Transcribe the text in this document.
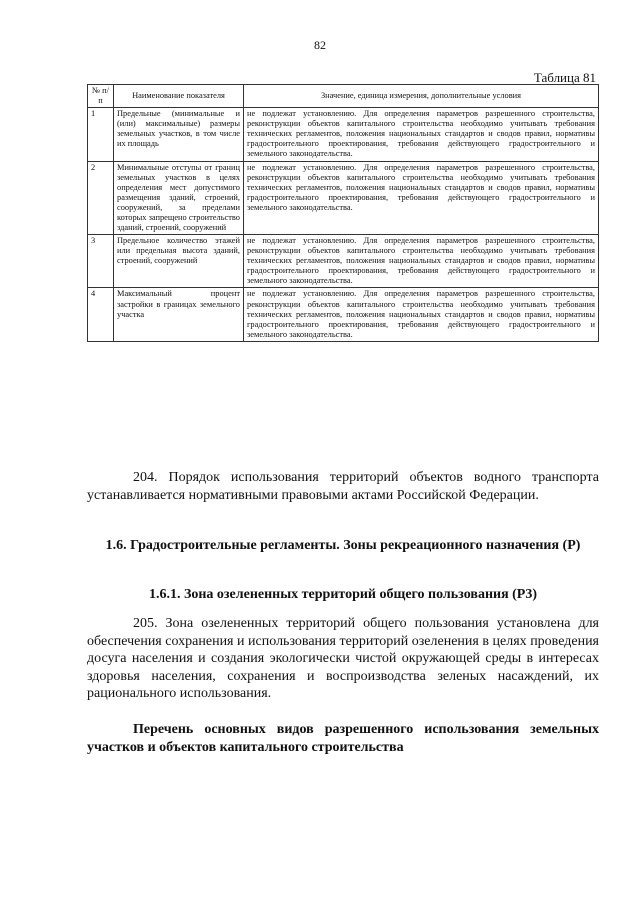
82
Таблица 81
№ п/п	Наименование показателя	Значение, единица измерения, дополнительные условия
1	Предельные (минимальные и (или) максимальные) размеры земельных участков, в том числе их площадь	не подлежат установлению. Для определения параметров разрешенного строительства, реконструкции объектов капитального строительства необходимо учитывать требования технических регламентов, положения национальных стандартов и сводов правил, нормативы градостроительного проектирования, требования действующего градостроительного и земельного законодательства.
2	Минимальные отступы от границ земельных участков в целях определения мест допустимого размещения зданий, строений, сооружений, за пределами которых запрещено строительство зданий, строений, сооружений	не подлежат установлению. Для определения параметров разрешенного строительства, реконструкции объектов капитального строительства необходимо учитывать требования технических регламентов, положения национальных стандартов и сводов правил, нормативы градостроительного проектирования, требования действующего градостроительного и земельного законодательства.
3	Предельное количество этажей или предельная высота зданий, строений, сооружений	не подлежат установлению. Для определения параметров разрешенного строительства, реконструкции объектов капитального строительства необходимо учитывать требования технических регламентов, положения национальных стандартов и сводов правил, нормативы градостроительного проектирования, требования действующего градостроительного и земельного законодательства.
4	Максимальный процент застройки в границах земельного участка	не подлежат установлению. Для определения параметров разрешенного строительства, реконструкции объектов капитального строительства необходимо учитывать требования технических регламентов, положения национальных стандартов и сводов правил, нормативы градостроительного проектирования, требования действующего градостроительного и земельного законодательства.
204. Порядок использования территорий объектов водного транспорта устанавливается нормативными правовыми актами Российской Федерации.
1.6. Градостроительные регламенты. Зоны рекреационного назначения (Р)
1.6.1. Зона озелененных территорий общего пользования (Р3)
205. Зона озелененных территорий общего пользования установлена для обеспечения сохранения и использования территорий озеленения в целях проведения досуга населения и создания экологически чистой окружающей среды в интересах здоровья населения, сохранения и воспроизводства зеленых насаждений, их рационального использования.
Перечень основных видов разрешенного использования земельных участков и объектов капитального строительства
